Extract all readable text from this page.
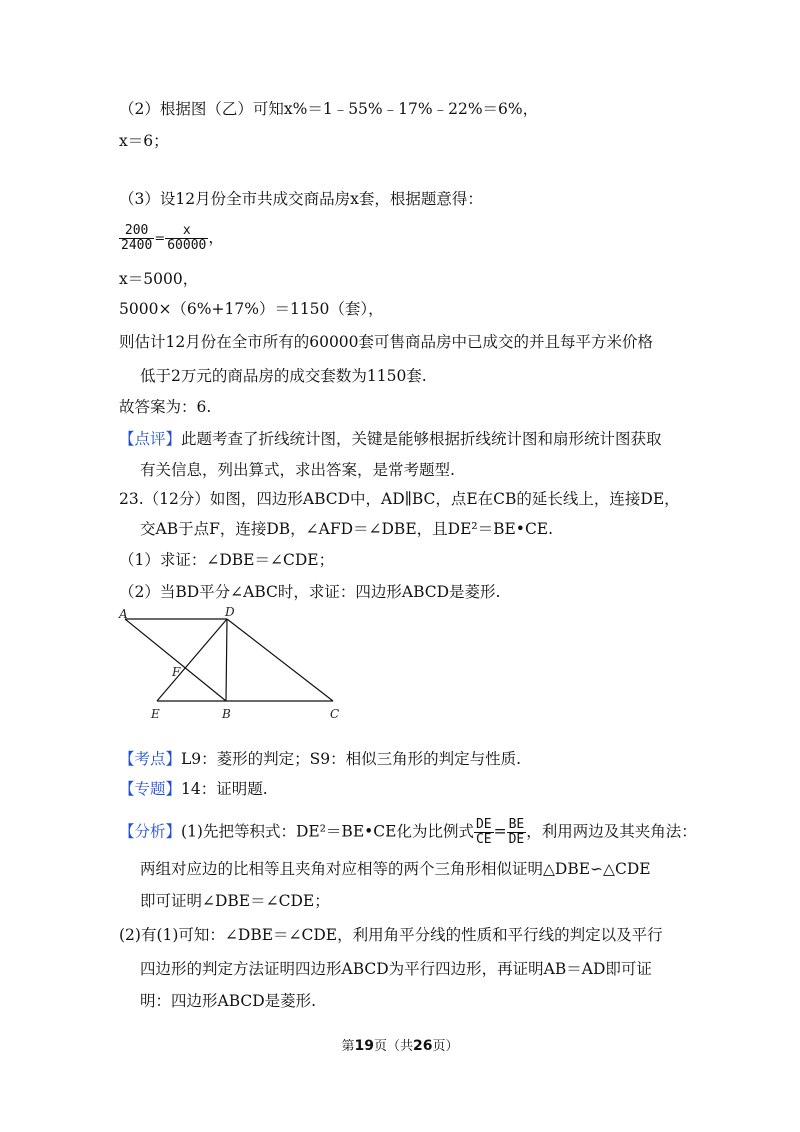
（2）根据图（乙）可知x%＝1﹣55%﹣17%﹣22%＝6%，
x＝6；
（3）设12月份全市共成交商品房x套，根据题意得：
$\frac{200}{2400} = \frac{x}{60000}$ ，
x＝5000，
5000×（6%+17%）＝1150（套），
则估计12月份在全市所有的60000套可售商品房中已成交的并且每平方米价格
低于2万元的商品房的成交套数为1150套.
故答案为：6.
【点评】此题考查了折线统计图，关键是能够根据折线统计图和扇形统计图获取
有关信息，列出算式，求出答案，是常考题型.
23.（12分）如图，四边形ABCD中，AD∥BC，点E在CB的延长线上，连接DE，
交AB于点F，连接DB，∠AFD＝∠DBE，且DE²＝BE•CE.
（1）求证：∠DBE＝∠CDE；
（2）当BD平分∠ABC时，求证：四边形ABCD是菱形.
A	D
F
E	B	C
【考点】L9：菱形的判定；S9：相似三角形的判定与性质.
【专题】14：证明题.
【分析】(1)先把等积式：DE²＝BE•CE化为比例式 $\frac{DE}{CE} = \frac{BE}{DE}$ ，利用两边及其夹角法：
两组对应边的比相等且夹角对应相等的两个三角形相似证明△DBE∽△CDE
即可证明∠DBE＝∠CDE；
(2)有(1)可知：∠DBE＝∠CDE，利用角平分线的性质和平行线的判定以及平行
四边形的判定方法证明四边形ABCD为平行四边形，再证明AB＝AD即可证
明：四边形ABCD是菱形.
第19页（共26页）
